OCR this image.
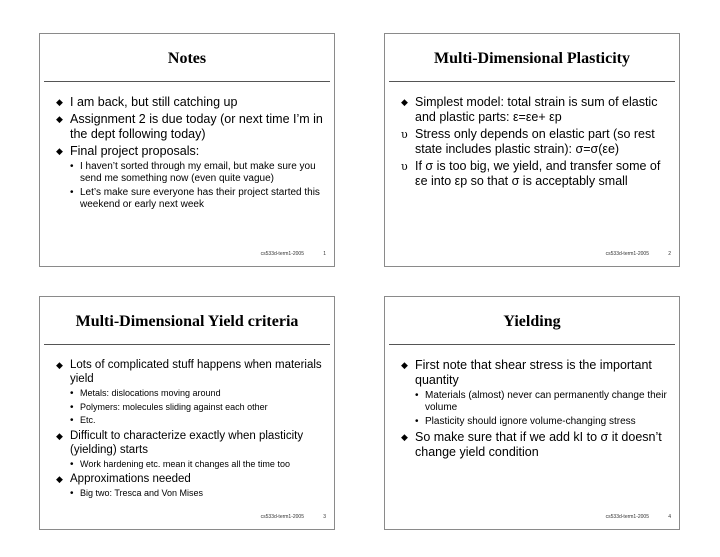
Notes
◆ I am back, but still catching up
◆ Assignment 2 is due today (or next time I’m in the dept following today)
◆ Final project proposals:
• I haven’t sorted through my email, but make sure you send me something now (even quite vague)
• Let’s make sure everyone has their project started this weekend or early next week
cs533d-term1-2005	1
Multi-Dimensional Plasticity
◆ Simplest model: total strain is sum of elastic and plastic parts: ε=εe+ εp
υ Stress only depends on elastic part (so rest state includes plastic strain): σ=σ(εe)
υ If σ is too big, we yield, and transfer some of εe into εp so that σ is acceptably small
cs533d-term1-2005	2
Multi-Dimensional Yield criteria
◆ Lots of complicated stuff happens when materials yield
• Metals: dislocations moving around
• Polymers: molecules sliding against each other
• Etc.
◆ Difficult to characterize exactly when plasticity (yielding) starts
• Work hardening etc. mean it changes all the time too
◆ Approximations needed
• Big two: Tresca and Von Mises
cs533d-term1-2005	3
Yielding
◆ First note that shear stress is the important quantity
• Materials (almost) never can permanently change their volume
• Plasticity should ignore volume-changing stress
◆ So make sure that if we add kI to σ it doesn’t change yield condition
cs533d-term1-2005	4
